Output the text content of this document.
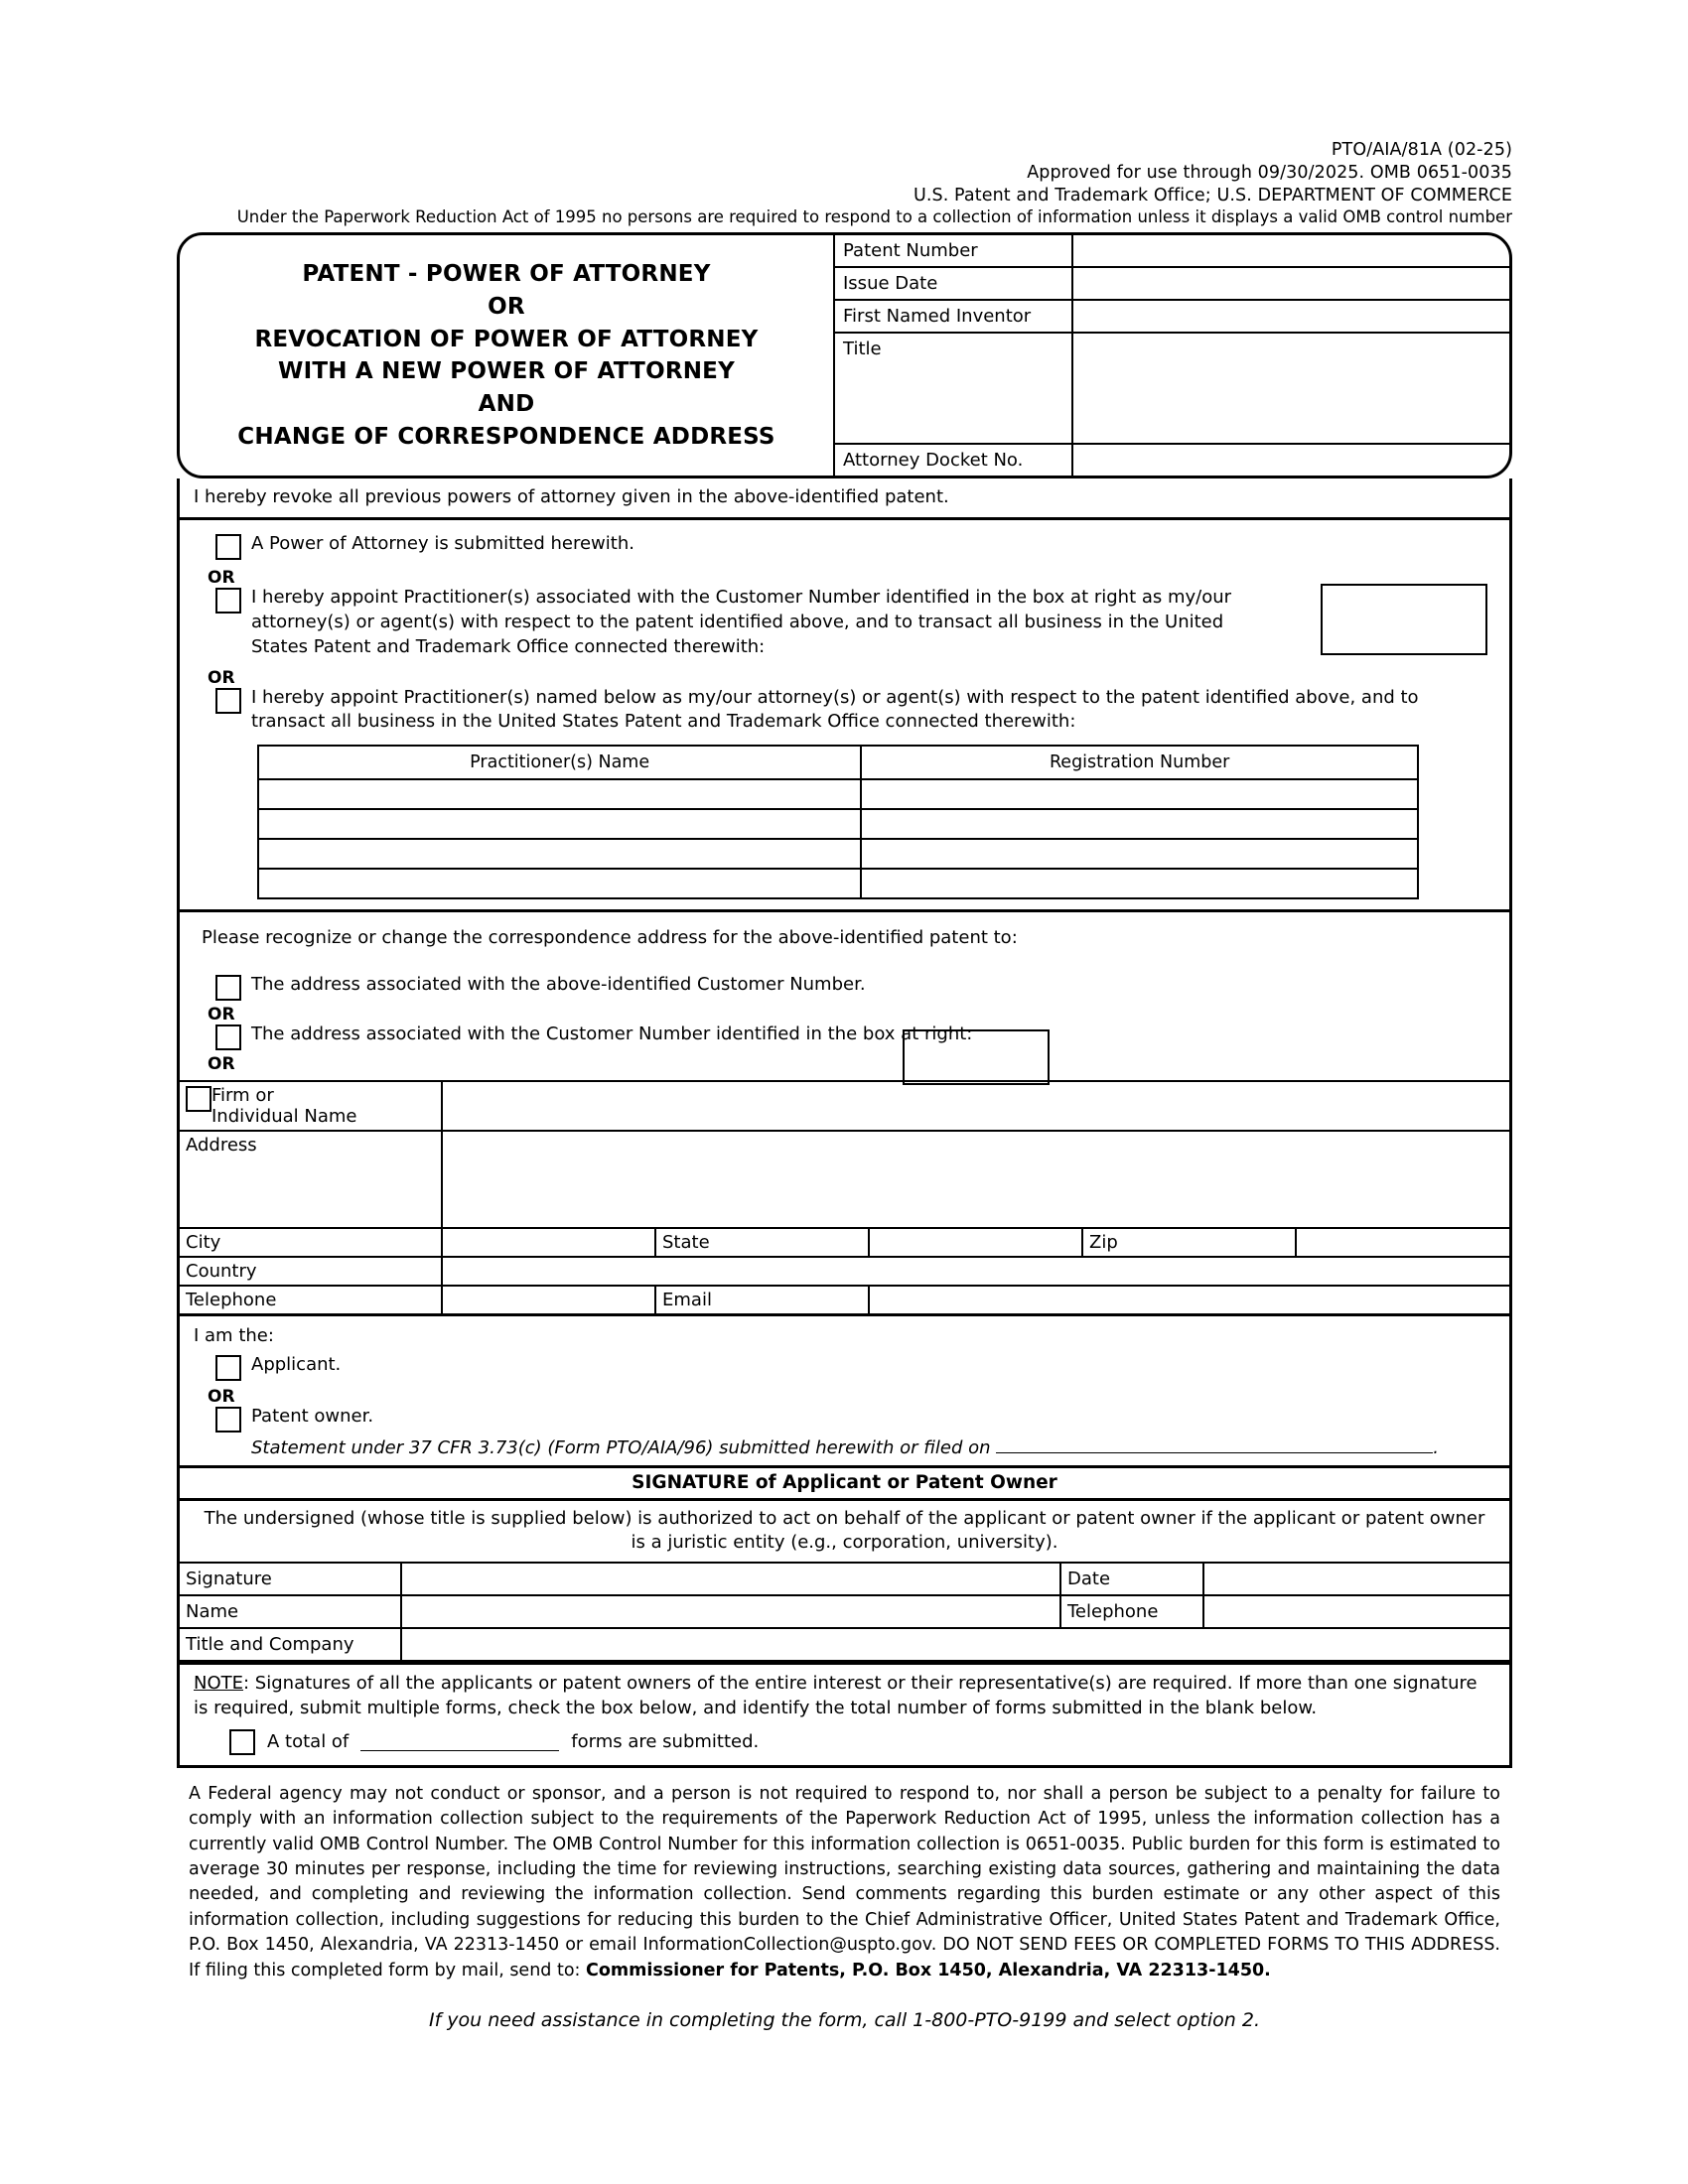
PTO/AIA/81A (02-25)
Approved for use through 09/30/2025. OMB 0651-0035
U.S. Patent and Trademark Office; U.S. DEPARTMENT OF COMMERCE
Under the Paperwork Reduction Act of 1995 no persons are required to respond to a collection of information unless it displays a valid OMB control number
PATENT - POWER OF ATTORNEY
OR
REVOCATION OF POWER OF ATTORNEY
WITH A NEW POWER OF ATTORNEY
AND
CHANGE OF CORRESPONDENCE ADDRESS
Patent Number
Issue Date
First Named Inventor
Title
Attorney Docket No.
I hereby revoke all previous powers of attorney given in the above-identified patent.
A Power of Attorney is submitted herewith.
OR
I hereby appoint Practitioner(s) associated with the Customer Number identified in the box at right as my/our attorney(s) or agent(s) with respect to the patent identified above, and to transact all business in the United States Patent and Trademark Office connected therewith:
OR
I hereby appoint Practitioner(s) named below as my/our attorney(s) or agent(s) with respect to the patent identified above, and to transact all business in the United States Patent and Trademark Office connected therewith:
Practitioner(s) Name	Registration Number

Please recognize or change the correspondence address for the above-identified patent to:
The address associated with the above-identified Customer Number.
OR
The address associated with the Customer Number identified in the box at right:
OR
Firm or
Individual Name					

Address					
City		State		Zip	
Country					
Telephone		Email			
I am the:
Applicant.
OR
Patent owner.
Statement under 37 CFR 3.73(c) (Form PTO/AIA/96) submitted herewith or filed on	.
SIGNATURE of Applicant or Patent Owner
The undersigned (whose title is supplied below) is authorized to act on behalf of the applicant or patent owner if the applicant or patent owner
is a juristic entity (e.g., corporation, university).
Signature		Date	
Name		Telephone	
Title and Company			
NOTE: Signatures of all the applicants or patent owners of the entire interest or their representative(s) are required. If more than one signature is required, submit multiple forms, check the box below, and identify the total number of forms submitted in the blank below.
A total of	forms are submitted.
A Federal agency may not conduct or sponsor, and a person is not required to respond to, nor shall a person be subject to a penalty for failure to comply with an information collection subject to the requirements of the Paperwork Reduction Act of 1995, unless the information collection has a currently valid OMB Control Number. The OMB Control Number for this information collection is 0651-0035. Public burden for this form is estimated to average 30 minutes per response, including the time for reviewing instructions, searching existing data sources, gathering and maintaining the data needed, and completing and reviewing the information collection. Send comments regarding this burden estimate or any other aspect of this information collection, including suggestions for reducing this burden to the Chief Administrative Officer, United States Patent and Trademark Office, P.O. Box 1450, Alexandria, VA 22313-1450 or email InformationCollection@uspto.gov. DO NOT SEND FEES OR COMPLETED FORMS TO THIS ADDRESS. If filing this completed form by mail, send to: Commissioner for Patents, P.O. Box 1450, Alexandria, VA 22313-1450.
If you need assistance in completing the form, call 1-800-PTO-9199 and select option 2.
